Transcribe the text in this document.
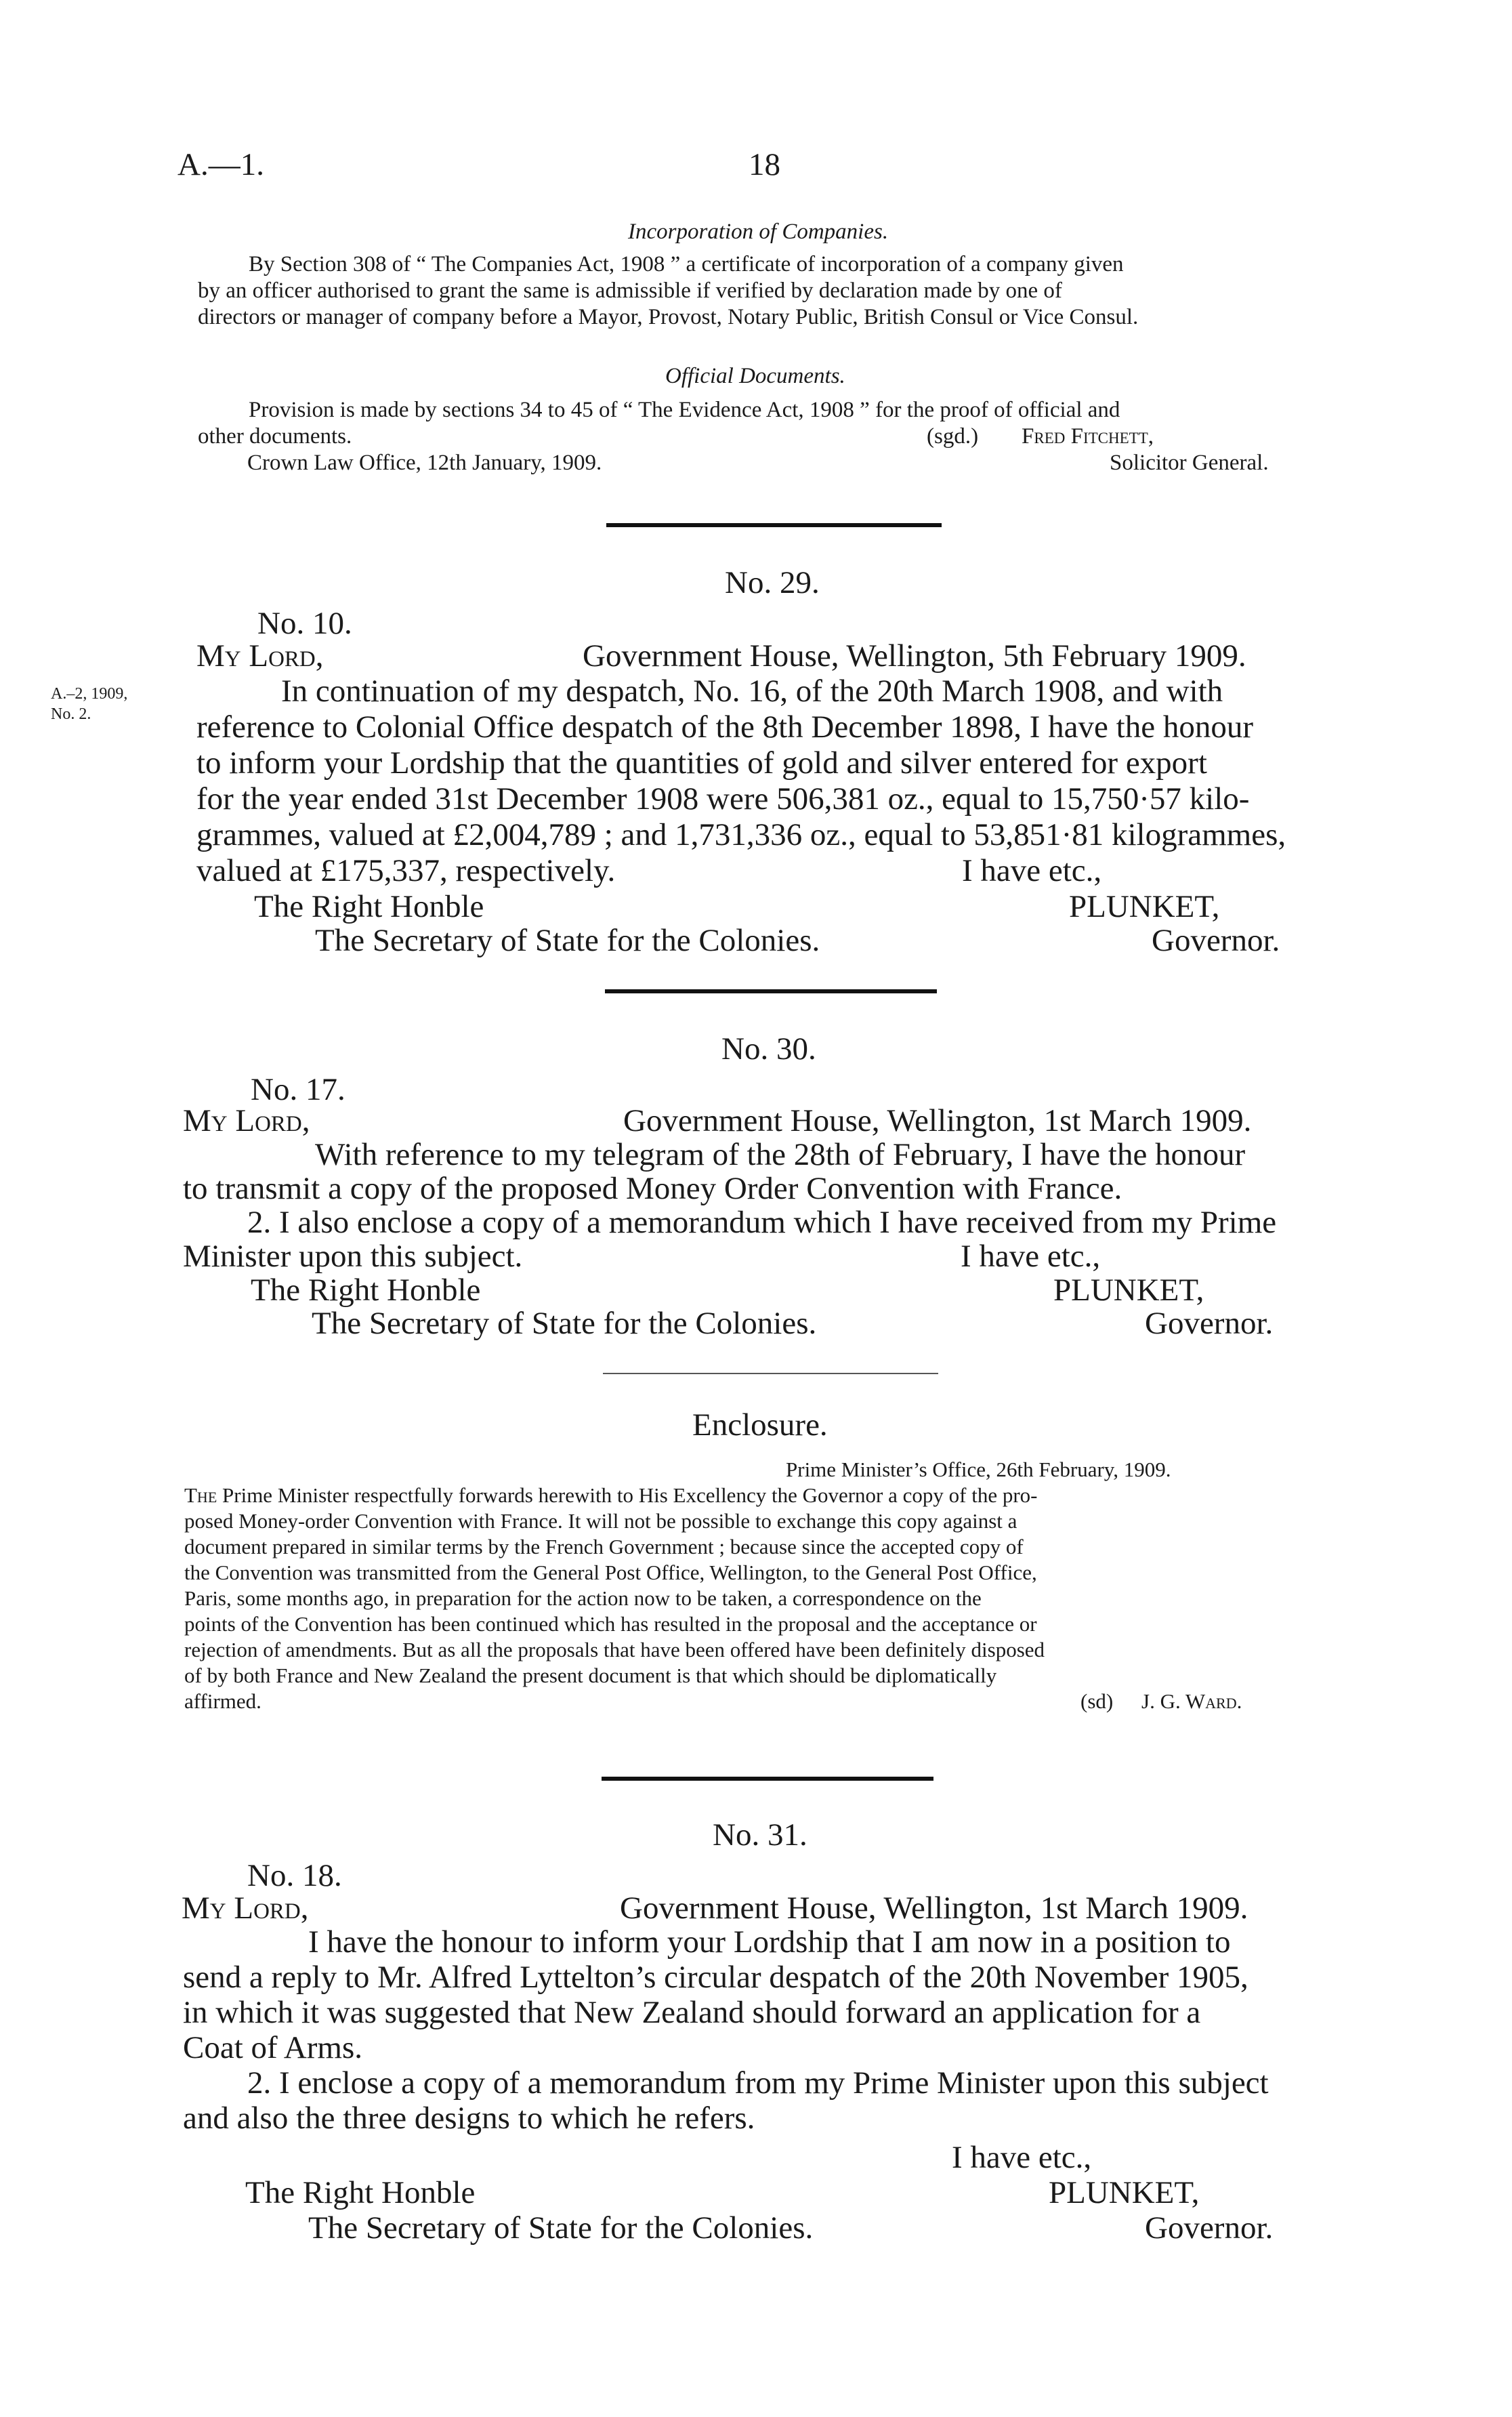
A.—1.	18
Incorporation of Companies.
By Section 308 of “ The Companies Act, 1908 ” a certificate of incorporation of a company given
by an officer authorised to grant the same is admissible if verified by declaration made by one of
directors or manager of company before a Mayor, Provost, Notary Public, British Consul or Vice Consul.
Official Documents.
Provision is made by sections 34 to 45 of “ The Evidence Act, 1908 ” for the proof of official and
other documents.	(sgd.) Fred Fitchett,
Crown Law Office, 12th January, 1909.	Solicitor General.
No. 29.
No. 10.
My Lord,	Government House, Wellington, 5th February 1909.
A.–2, 1909,
No. 2.
In continuation of my despatch, No. 16, of the 20th March 1908, and with
reference to Colonial Office despatch of the 8th December 1898, I have the honour
to inform your Lordship that the quantities of gold and silver entered for export
for the year ended 31st December 1908 were 506,381 oz., equal to 15,750·57 kilo-
grammes, valued at £2,004,789 ; and 1,731,336 oz., equal to 53,851·81 kilogrammes,
valued at £175,337, respectively.	I have etc.,
The Right Honble	PLUNKET,
The Secretary of State for the Colonies.	Governor.
No. 30.
No. 17.
My Lord,	Government House, Wellington, 1st March 1909.
With reference to my telegram of the 28th of February, I have the honour
to transmit a copy of the proposed Money Order Convention with France.
2. I also enclose a copy of a memorandum which I have received from my Prime
Minister upon this subject.	I have etc.,
The Right Honble	PLUNKET,
The Secretary of State for the Colonies.	Governor.
Enclosure.
Prime Minister’s Office, 26th February, 1909.
The Prime Minister respectfully forwards herewith to His Excellency the Governor a copy of the pro-
posed Money-order Convention with France. It will not be possible to exchange this copy against a
document prepared in similar terms by the French Government ; because since the accepted copy of
the Convention was transmitted from the General Post Office, Wellington, to the General Post Office,
Paris, some months ago, in preparation for the action now to be taken, a correspondence on the
points of the Convention has been continued which has resulted in the proposal and the acceptance or
rejection of amendments. But as all the proposals that have been offered have been definitely disposed
of by both France and New Zealand the present document is that which should be diplomatically
affirmed.	(sd) J. G. Ward.
No. 31.
No. 18.
My Lord,	Government House, Wellington, 1st March 1909.
I have the honour to inform your Lordship that I am now in a position to
send a reply to Mr. Alfred Lyttelton’s circular despatch of the 20th November 1905,
in which it was suggested that New Zealand should forward an application for a
Coat of Arms.
2. I enclose a copy of a memorandum from my Prime Minister upon this subject
and also the three designs to which he refers.
I have etc.,
The Right Honble	PLUNKET,
The Secretary of State for the Colonies.	Governor.
